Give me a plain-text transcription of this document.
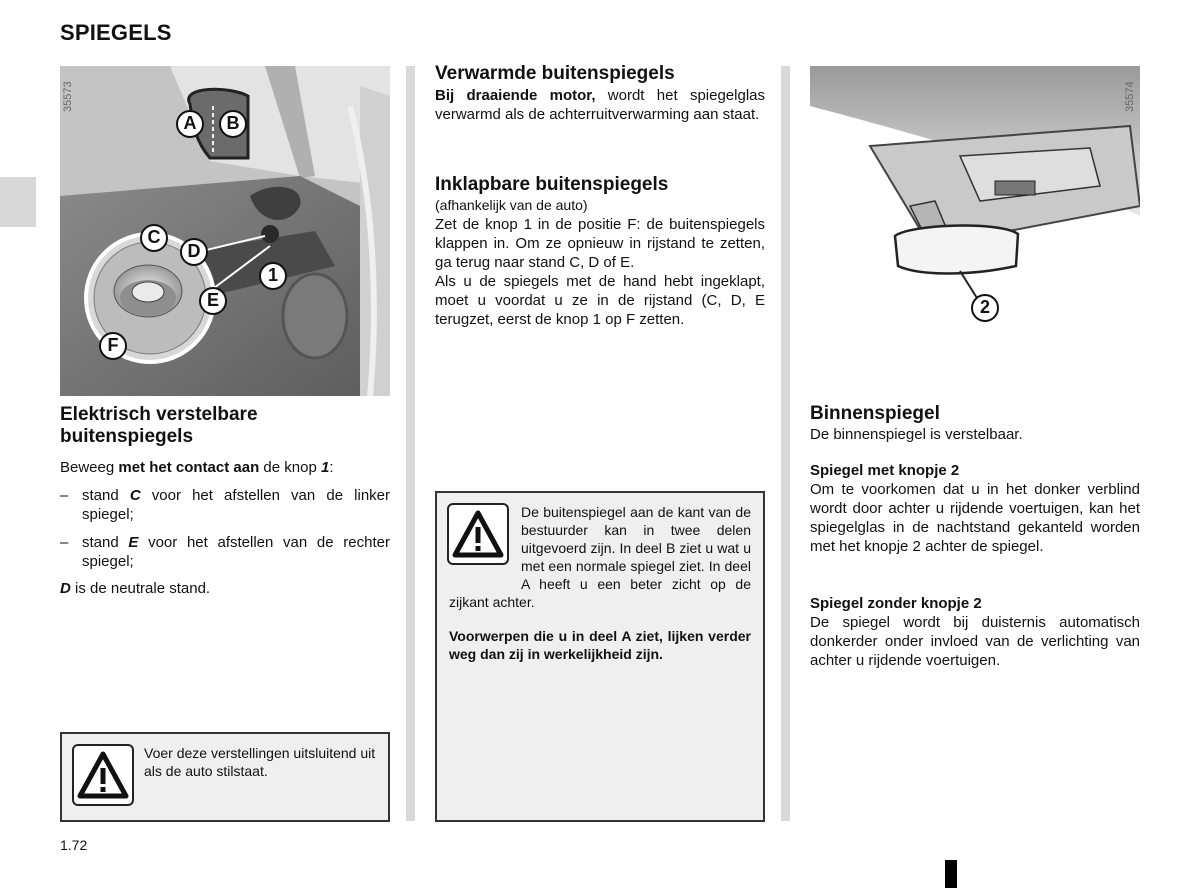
SPIEGELS
35573
A B
C
D
E
F
1
Elektrisch verstelbare
buitenspiegels
Beweeg met het contact aan de knop 1:
– stand C voor het afstellen van de linker spiegel;
– stand E voor het afstellen van de rechter spiegel;
D is de neutrale stand.
Voer deze verstellingen uitsluitend uit als de auto stilstaat.
Verwarmde buitenspiegels
Bij draaiende motor, wordt het spiegelglas verwarmd als de achterruitverwarming aan staat.
Inklapbare buitenspiegels
(afhankelijk van de auto)
Zet de knop 1 in de positie F: de buitenspiegels klappen in. Om ze opnieuw in rijstand te zetten, ga terug naar stand C, D of E.
Als u de spiegels met de hand hebt ingeklapt, moet u voordat u ze in de rijstand (C, D, E terugzet, eerst de knop 1 op F zetten.
De buitenspiegel aan de kant van de bestuurder kan in twee delen uitgevoerd zijn. In deel B ziet u wat u met een normale spiegel ziet. In deel A heeft u een beter zicht op de zijkant achter.
Voorwerpen die u in deel A ziet, lijken verder weg dan zij in werkelijkheid zijn.
35574
2
Binnenspiegel
De binnenspiegel is verstelbaar.
Spiegel met knopje 2
Om te voorkomen dat u in het donker verblind wordt door achter u rijdende voertuigen, kan het spiegelglas in de nachtstand gekanteld worden met het knopje 2 achter de spiegel.
Spiegel zonder knopje 2
De spiegel wordt bij duisternis automatisch donkerder onder invloed van de verlichting van achter u rijdende voertuigen.
1.72
